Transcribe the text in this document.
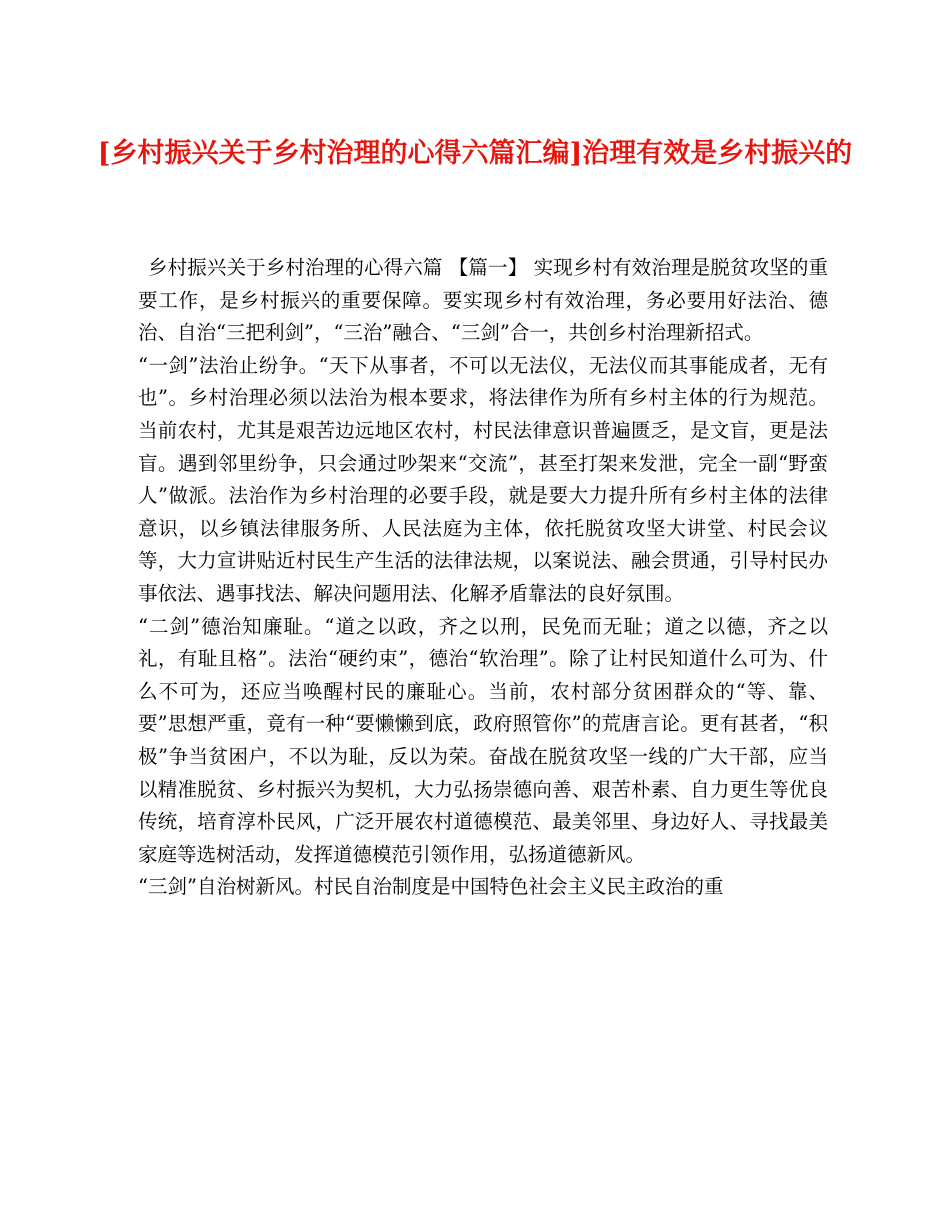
[乡村振兴关于乡村治理的心得六篇汇编]治理有效是乡村振兴的

乡村振兴关于乡村治理的心得六篇 【篇一】 实现乡村有效治理是脱贫攻坚的重要工作，是乡村振兴的重要保障。要实现乡村有效治理，务必要用好法治、德治、自治“三把利剑”，“三治”融合、“三剑”合一，共创乡村治理新招式。

“一剑”法治止纷争。“天下从事者，不可以无法仪，无法仪而其事能成者，无有也”。乡村治理必须以法治为根本要求，将法律作为所有乡村主体的行为规范。当前农村，尤其是艰苦边远地区农村，村民法律意识普遍匮乏，是文盲，更是法盲。遇到邻里纷争，只会通过吵架来“交流”，甚至打架来发泄，完全一副“野蛮人”做派。法治作为乡村治理的必要手段，就是要大力提升所有乡村主体的法律意识，以乡镇法律服务所、人民法庭为主体，依托脱贫攻坚大讲堂、村民会议等，大力宣讲贴近村民生产生活的法律法规，以案说法、融会贯通，引导村民办事依法、遇事找法、解决问题用法、化解矛盾靠法的良好氛围。

“二剑”德治知廉耻。“道之以政，齐之以刑，民免而无耻；道之以德，齐之以礼，有耻且格”。法治“硬约束”，德治“软治理”。除了让村民知道什么可为、什么不可为，还应当唤醒村民的廉耻心。当前，农村部分贫困群众的“等、靠、要”思想严重，竟有一种“要懒懒到底，政府照管你”的荒唐言论。更有甚者，“积极”争当贫困户，不以为耻，反以为荣。奋战在脱贫攻坚一线的广大干部，应当以精准脱贫、乡村振兴为契机，大力弘扬崇德向善、艰苦朴素、自力更生等优良传统，培育淳朴民风，广泛开展农村道德模范、最美邻里、身边好人、寻找最美家庭等选树活动，发挥道德模范引领作用，弘扬道德新风。

“三剑”自治树新风。村民自治制度是中国特色社会主义民主政治的重
